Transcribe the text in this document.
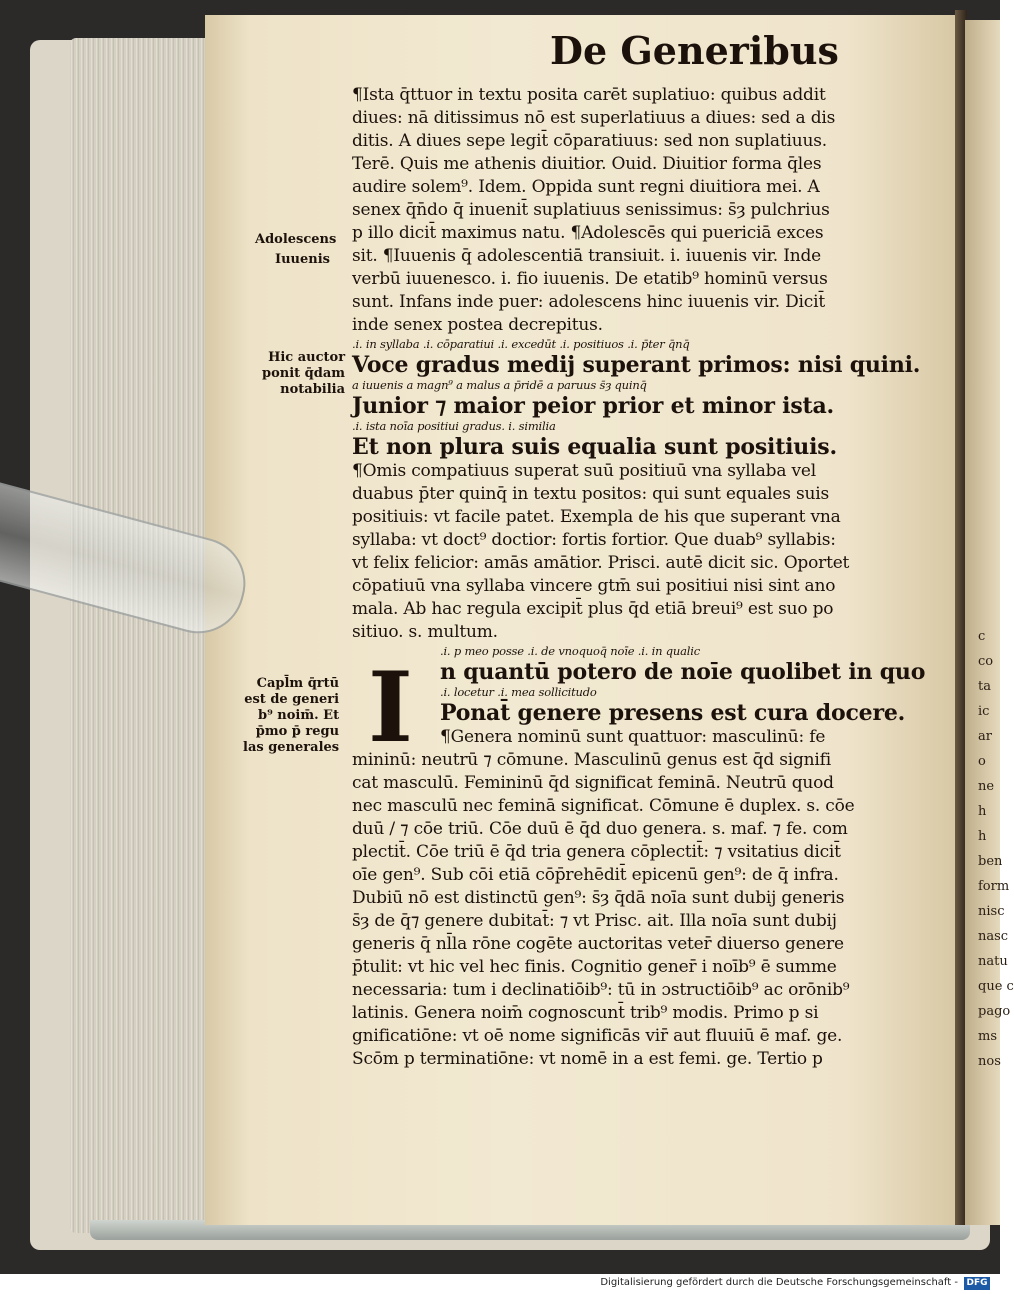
c
co
ta
ic
ar
o
ne
h
h
ben
form
nisc
nasc
natu
que c
pago
ms
nos
De Generibus
Adolescens
Iuuenis
Hic auctor
ponit q̄dam
notabilia
Capl̄m q̄rtū
est de generi
b⁹ noim̄. Et
p̄mo p̄ regu
las generales I
¶Ista q̄ttuor in textu posita carēt suplatiuo: quibus addit
diues: nā ditissimus nō est superlatiuus a diues: sed a dis
ditis. A diues sepe legit̄ cōparatiuus: sed non suplatiuus.
Terē. Quis me athenis diuitior. Ouid. Diuitior forma q̄les
audire solem⁹. Idem. Oppida sunt regni diuitiora mei. A
senex q̄n̄do q̄ inuenit̄ suplatiuus senissimus: s̄ȝ pulchrius
p illo dicit̄ maximus natu. ¶Adolescēs qui puericiā exces
sit. ¶Iuuenis q̄ adolescentiā transiuit. i. iuuenis vir. Inde
verbū iuuenesco. i. fio iuuenis. De etatib⁹ hominū versus
sunt. Infans inde puer: adolescens hinc iuuenis vir. Dicit̄
inde senex postea decrepitus.
.i. in syllaba .i. cōparatiui .i. excedūt .i. positiuos .i. p̄ter q̄nq̄
Voce gradus medij superant primos: nisi quini.
a iuuenis a magn⁹ a malus a p̄ridē a paruus s̄ȝ quinq̄
Junior ⁊ maior peior prior et minor ista.
.i. ista noīa positiui gradus. i. similia
Et non plura suis equalia sunt positiuis.
¶Omis compatiuus superat suū positiuū vna syllaba vel
duabus p̄ter quinq̄ in textu positos: qui sunt equales suis
positiuis: vt facile patet. Exempla de his que superant vna
syllaba: vt doct⁹ doctior: fortis fortior. Que duab⁹ syllabis:
vt felix felicior: amās amātior. Prisci. autē dicit sic. Oportet
cōpatiuū vna syllaba vincere gtm̄ sui positiui nisi sint ano
mala. Ab hac regula excipit̄ plus q̄d etiā breui⁹ est suo po
sitiuo. s. multum.
.i. p meo posse .i. de vnoquoq̄ noīe .i. in qualic
n quantū potero de noīe quolibet in quo
.i. locetur .i. mea sollicitudo
Ponat̄ genere presens est cura docere.
¶Genera nominū sunt quattuor: masculinū: fe
mininū: neutrū ⁊ cōmune. Masculinū genus est q̄d signifi
cat masculū. Femininū q̄d significat feminā. Neutrū quod
nec masculū nec feminā significat. Cōmune ē duplex. s. cōe
duū / ⁊ cōe triū. Cōe duū ē q̄d duo genera. s. maf. ⁊ fe. com
plectit̄. Cōe triū ē q̄d tria genera cōplectit̄: ⁊ vsitatius dicit̄
oīe gen⁹. Sub cōi etiā cōp̄rehēdit̄ epicenū gen⁹: de q̄ infra.
Dubiū nō est distinctū gen⁹: s̄ȝ q̄dā noīa sunt dubij generis
s̄ȝ de q̄⁊ genere dubitat̄: ⁊ vt Prisc. ait. Illa noīa sunt dubij
generis q̄ nl̄la rōne cogēte auctoritas veter̄ diuerso genere
p̄tulit: vt hic vel hec finis. Cognitio gener̄ i noīb⁹ ē summe
necessaria: tum i declinatiōib⁹: tū in ɔstructiōib⁹ ac orōnib⁹
latinis. Genera noim̄ cognoscunt̄ trib⁹ modis. Primo p si
gnificatiōne: vt oē nome significās vir̄ aut fluuiū ē maf. ge.
Scōm p terminatiōne: vt nomē in a est femi. ge. Tertio p
Digitalisierung gefördert durch die Deutsche Forschungsgemeinschaft - DFG
